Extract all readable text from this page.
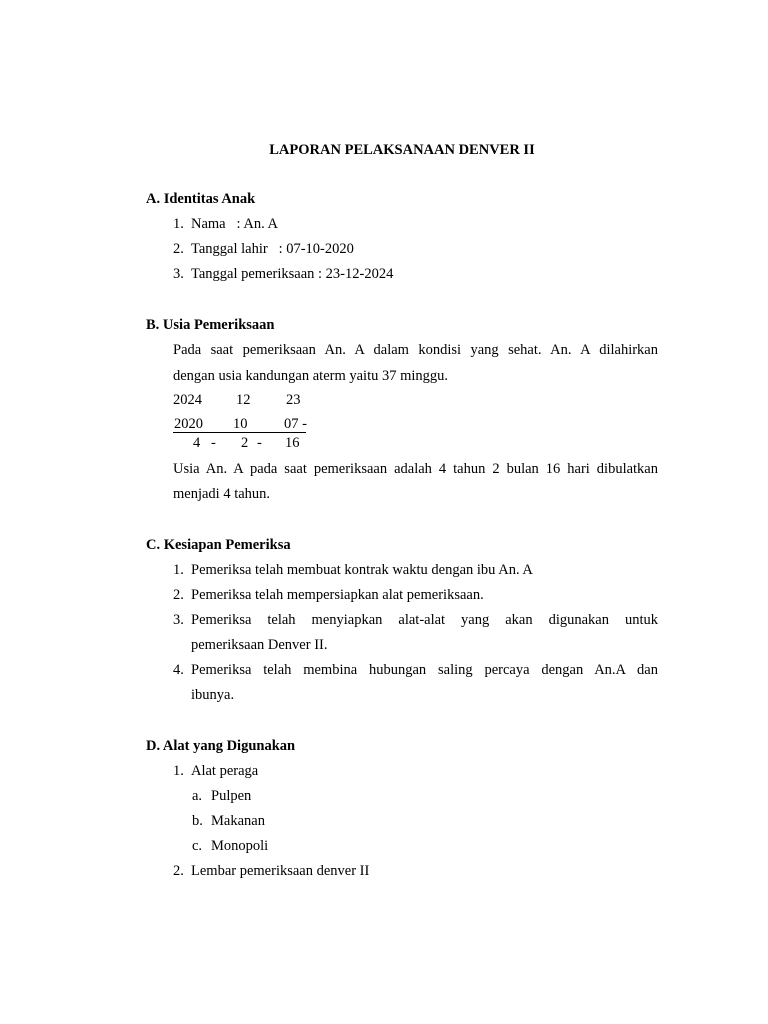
LAPORAN PELAKSANAAN DENVER II
A. Identitas Anak
1. Nama   : An. A
2. Tanggal lahir   : 07-10-2020
3. Tanggal pemeriksaan : 23-12-2024
B. Usia Pemeriksaan
Pada saat pemeriksaan An. A dalam kondisi yang sehat. An. A dilahirkan
dengan usia kandungan aterm yaitu 37 minggu.
2024 12 23
2020 10	07 -
4 - 2 - 16
Usia An. A pada saat pemeriksaan adalah 4 tahun 2 bulan 16 hari dibulatkan
menjadi 4 tahun.
C. Kesiapan Pemeriksa
1. Pemeriksa telah membuat kontrak waktu dengan ibu An. A
2. Pemeriksa telah mempersiapkan alat pemeriksaan.
3. Pemeriksa telah menyiapkan alat-alat yang akan digunakan untuk
pemeriksaan Denver II.
4. Pemeriksa telah membina hubungan saling percaya dengan An.A dan
ibunya.
D. Alat yang Digunakan
1. Alat peraga
a. Pulpen
b. Makanan
c. Monopoli
2. Lembar pemeriksaan denver II
